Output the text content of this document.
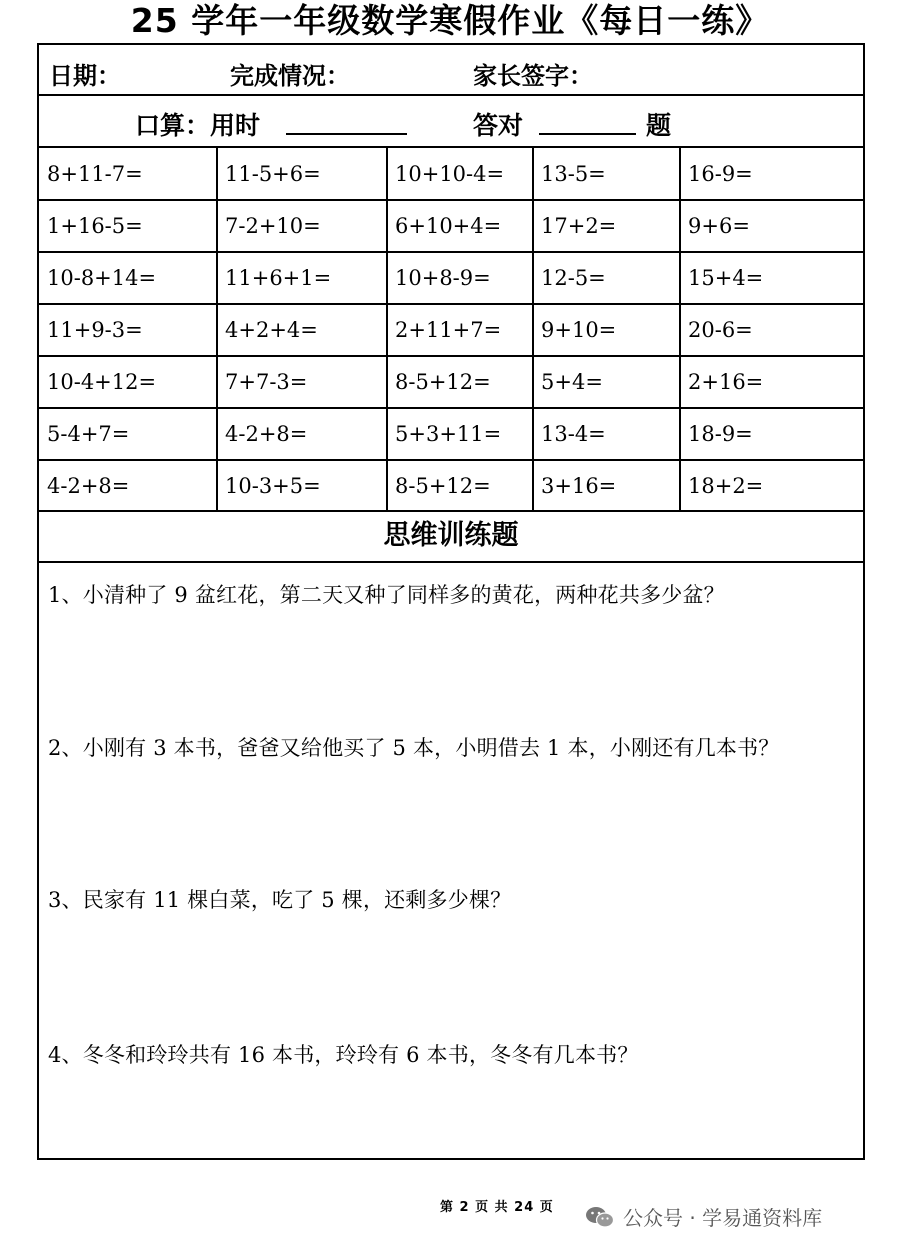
25 学年一年级数学寒假作业《每日一练》
日期：	完成情况：	家长签字：
口算：用时	答对	题
8+11-7=	11-5+6=	10+10-4=	13-5=	16-9=
1+16-5=	7-2+10=	6+10+4=	17+2=	9+6=
10-8+14=	11+6+1=	10+8-9=	12-5=	15+4=
11+9-3=	4+2+4=	2+11+7=	9+10=	20-6=
10-4+12=	7+7-3=	8-5+12=	5+4=	2+16=
5-4+7=	4-2+8=	5+3+11=	13-4=	18-9=
4-2+8=	10-3+5=	8-5+12=	3+16=	18+2=
思维训练题
1、小清种了 9 盆红花，第二天又种了同样多的黄花，两种花共多少盆？
2、小刚有 3 本书，爸爸又给他买了 5 本，小明借去 1 本，小刚还有几本书？
3、民家有 11 棵白菜，吃了 5 棵，还剩多少棵？
4、冬冬和玲玲共有 16 本书，玲玲有 6 本书，冬冬有几本书？
第 2 页 共 24 页	公众号 · 学易通资料库
